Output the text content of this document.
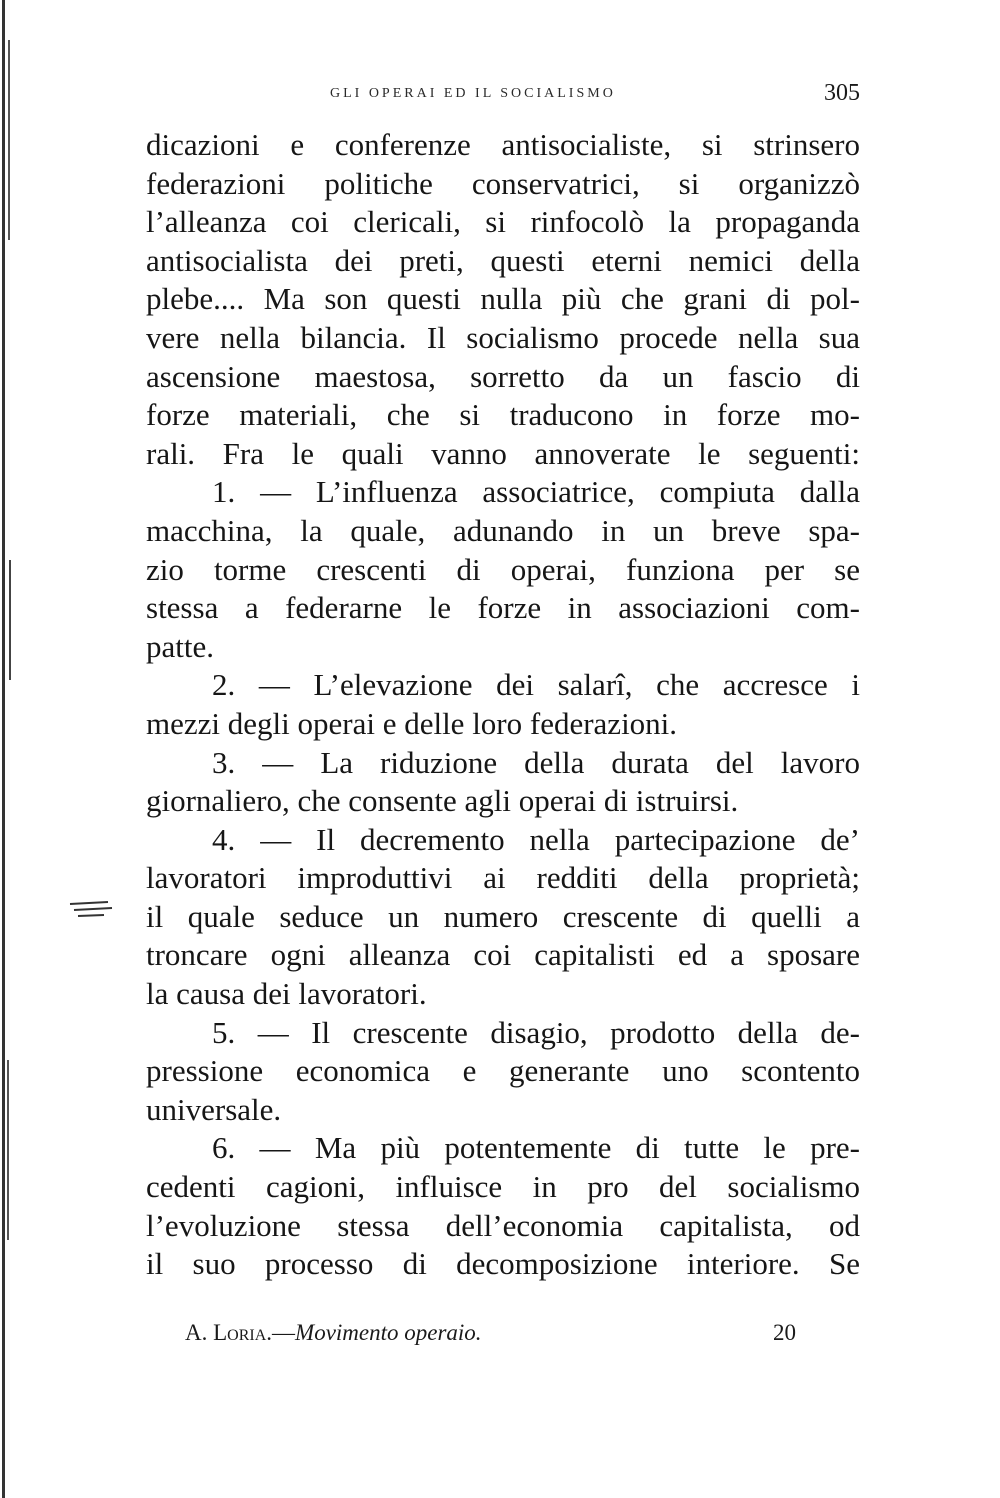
GLI OPERAI ED IL SOCIALISMO	305
dicazioni e conferenze antisocialiste, si strinsero
federazioni politiche conservatrici, si organizzò
l’alleanza coi clericali, si rinfocolò la propaganda
antisocialista dei preti, questi eterni nemici della
plebe.... Ma son questi nulla più che grani di pol-
vere nella bilancia. Il socialismo procede nella sua
ascensione maestosa, sorretto da un fascio di
forze materiali, che si traducono in forze mo-
rali. Fra le quali vanno annoverate le seguenti:
1. — L’influenza associatrice, compiuta dalla
macchina, la quale, adunando in un breve spa-
zio torme crescenti di operai, funziona per se
stessa a federarne le forze in associazioni com-
patte.
2. — L’elevazione dei salarî, che accresce i
mezzi degli operai e delle loro federazioni.
3. — La riduzione della durata del lavoro
giornaliero, che consente agli operai di istruirsi.
4. — Il decremento nella partecipazione de’
lavoratori improduttivi ai redditi della proprietà;
il quale seduce un numero crescente di quelli a
troncare ogni alleanza coi capitalisti ed a sposare
la causa dei lavoratori.
5. — Il crescente disagio, prodotto della de-
pressione economica e generante uno scontento
universale.
6. — Ma più potentemente di tutte le pre-
cedenti cagioni, influisce in pro del socialismo
l’evoluzione stessa dell’economia capitalista, od
il suo processo di decomposizione interiore. Se
A. Loria.—Movimento operaio.	20
